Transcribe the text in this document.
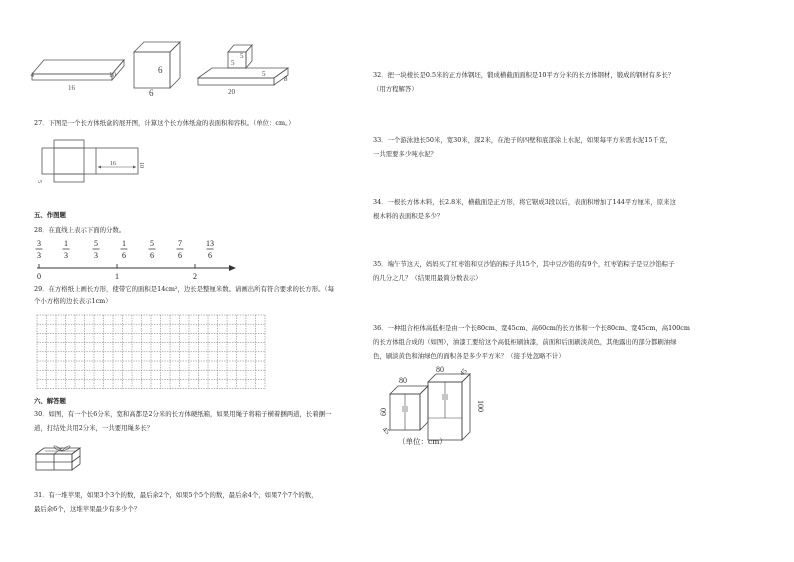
4
16
10	6
6
5
5
5
8
20
27．下图是一个长方体纸盒的展开图，计算这个长方体纸盒的表面积和容积。（单位：cm。）
16	10
5
五、作图题
28．在直线上表示下面的分数。
3
3
1
3
5
3
1
6
5
6
7
6
13
6
0	1	2
29．在方格纸上画长方形，使带它的面积是14cm²，边长是整厘米数。请画出所有符合要求的长方形。（每
个小方格的边长表示1cm）
六、解答题
30．如图，有一个长6分米，宽和高都是2分米的长方体硬纸箱，如果用绳子将箱子横着捆两道，长着捆一
道，打结处共用2分米，一共要用绳多长？
31．有一堆苹果，如果3个3个的数，最后余2个，如果5个5个的数，最后余4个，如果7个7个的数，
最后余6个，这堆苹果最少有多少个？
32．把一块棱长是0.5米的正方体钢坯，锻成横截面面积是10平方分米的长方体钢材，锻成的钢材有多长？
（用方程解答）
33．一个游泳池长50米，宽30米，深2米，在池子的四壁和底部涂上水泥，如果每平方米需水泥15千克，
一共需要多少吨水泥？
34．一根长方体木料，长2.8米，横截面是正方形，将它锯成3段以后，表面积增加了144平方厘米，原来这
根木料的表面积是多少？
35．端午节这天，妈妈买了红枣馅和豆沙馅的粽子共15个，其中豆沙馅的有9个，红枣馅粽子是豆沙馅粽子
的几分之几？（结果用最简分数表示）
36．一种组合柜体高低柜是由一个长80cm、宽45cm、高60cm的长方体和一个长80cm、宽45cm，高100cm
的长方体组合成的（如图），油漆工要给这个高低柜刷油漆，前面和后面刷淡黄色，其他露出的部分都刷油绿
色，刷淡黄色和油绿色的面积各是多少平方米？（接手处忽略不计）
80
80 45
60	100
45
（单位：cm）
